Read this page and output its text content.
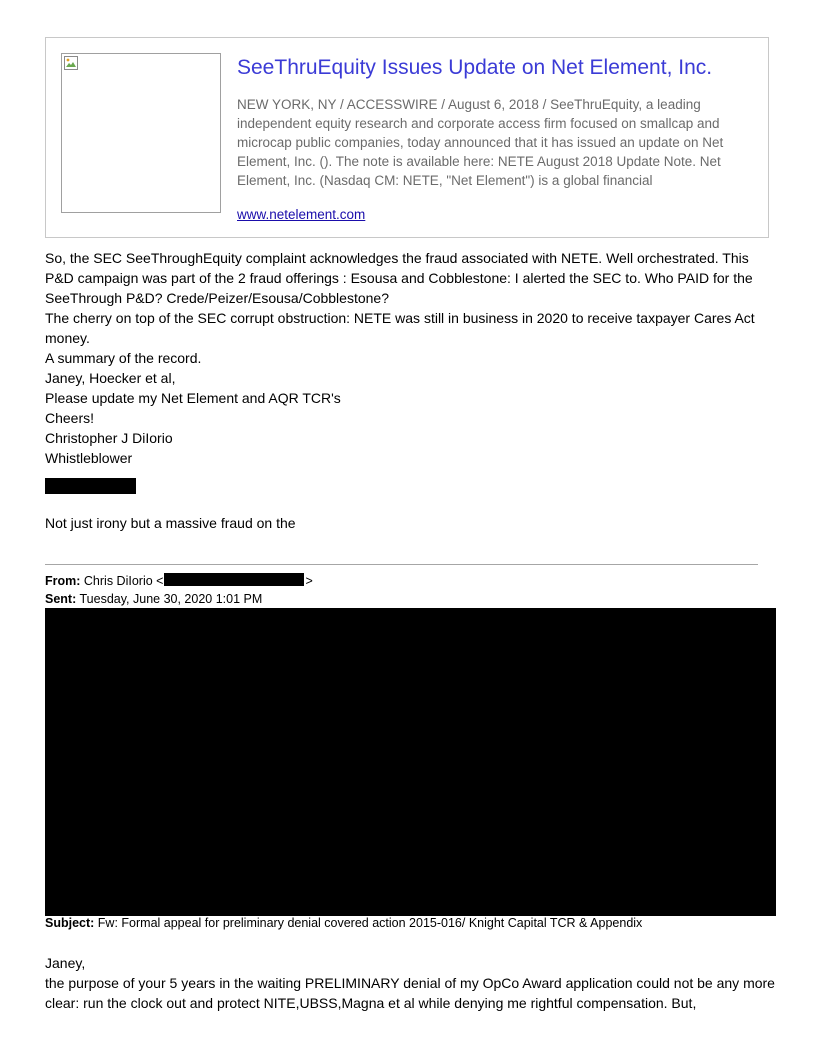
SeeThruEquity Issues Update on Net Element, Inc.
NEW YORK, NY / ACCESSWIRE / August 6, 2018 / SeeThruEquity, a leading independent equity research and corporate access firm focused on smallcap and microcap public companies, today announced that it has issued an update on Net Element, Inc. (). The note is available here: NETE August 2018 Update Note. Net Element, Inc. (Nasdaq CM: NETE, "Net Element") is a global financial
www.netelement.com

So, the SEC SeeThroughEquity complaint acknowledges the fraud associated with NETE. Well orchestrated. This P&D campaign was part of the 2 fraud offerings : Esousa and Cobblestone: I alerted the SEC to. Who PAID for the SeeThrough P&D? Crede/Peizer/Esousa/Cobblestone?

The cherry on top of the SEC corrupt obstruction: NETE was still in business in 2020 to receive taxpayer Cares Act money.

A summary of the record.

Janey, Hoecker et al,

Please update my Net Element and AQR TCR's

Cheers!

Christopher J DiIorio

Whistleblower

Not just irony but a massive fraud on the
From: Chris DiIorio <	>
Sent: Tuesday, June 30, 2020 1:01 PM
Subject: Fw: Formal appeal for preliminary denial covered action 2015-016/ Knight Capital TCR & Appendix

Janey,

the purpose of your 5 years in the waiting PRELIMINARY denial of my OpCo Award application could not be any more clear: run the clock out and protect NITE,UBSS,Magna et al while denying me rightful compensation. But,
